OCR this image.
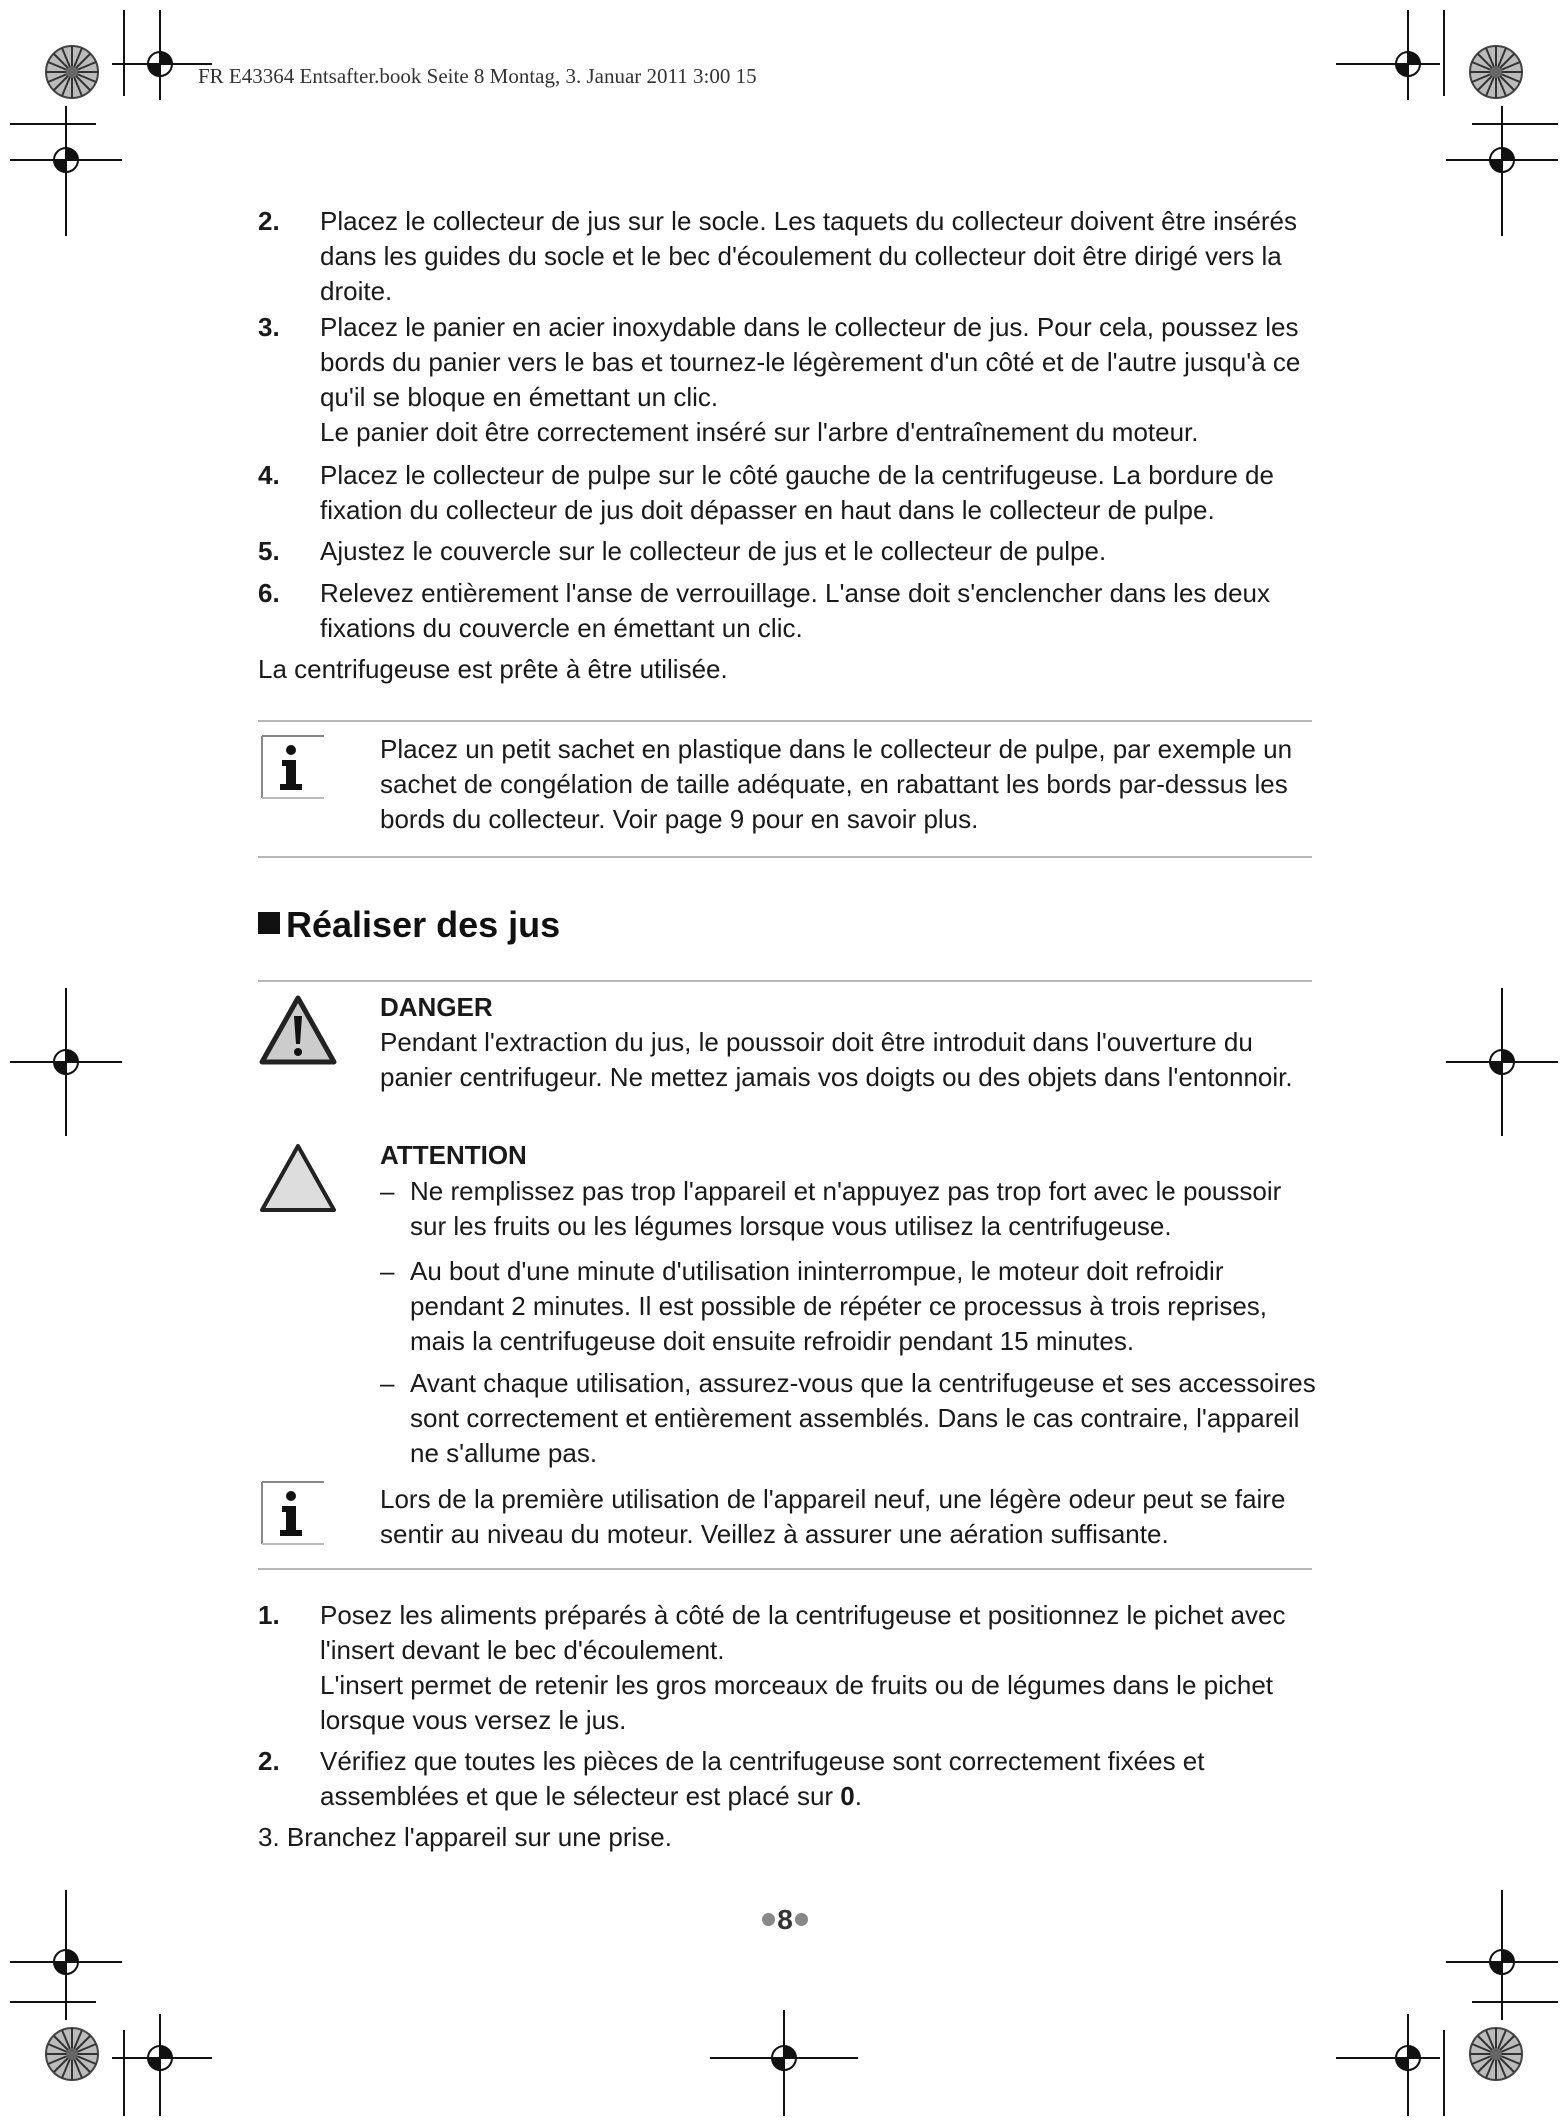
FR E43364 Entsafter.book Seite 8 Montag, 3. Januar 2011 3:00 15
2.	Placez le collecteur de jus sur le socle. Les taquets du collecteur doivent être insérés dans les guides du socle et le bec d'écoulement du collecteur doit être dirigé vers la droite.
3.	Placez le panier en acier inoxydable dans le collecteur de jus. Pour cela, poussez les bords du panier vers le bas et tournez-le légèrement d'un côté et de l'autre jusqu'à ce qu'il se bloque en émettant un clic.
Le panier doit être correctement inséré sur l'arbre d'entraînement du moteur.
4.	Placez le collecteur de pulpe sur le côté gauche de la centrifugeuse. La bordure de fixation du collecteur de jus doit dépasser en haut dans le collecteur de pulpe.
5.	Ajustez le couvercle sur le collecteur de jus et le collecteur de pulpe.
6.	Relevez entièrement l'anse de verrouillage. L'anse doit s'enclencher dans les deux fixations du couvercle en émettant un clic.
La centrifugeuse est prête à être utilisée.
Placez un petit sachet en plastique dans le collecteur de pulpe, par exemple un sachet de congélation de taille adéquate, en rabattant les bords par-dessus les bords du collecteur. Voir page 9 pour en savoir plus.
Réaliser des jus
DANGER
Pendant l'extraction du jus, le poussoir doit être introduit dans l'ouverture du panier centrifugeur. Ne mettez jamais vos doigts ou des objets dans l'entonnoir.
ATTENTION
– Ne remplissez pas trop l'appareil et n'appuyez pas trop fort avec le poussoir sur les fruits ou les légumes lorsque vous utilisez la centrifugeuse.
– Au bout d'une minute d'utilisation ininterrompue, le moteur doit refroidir pendant 2 minutes. Il est possible de répéter ce processus à trois reprises, mais la centrifugeuse doit ensuite refroidir pendant 15 minutes.
– Avant chaque utilisation, assurez-vous que la centrifugeuse et ses accessoires sont correctement et entièrement assemblés. Dans le cas contraire, l'appareil ne s'allume pas.
Lors de la première utilisation de l'appareil neuf, une légère odeur peut se faire sentir au niveau du moteur. Veillez à assurer une aération suffisante.
1.	Posez les aliments préparés à côté de la centrifugeuse et positionnez le pichet avec l'insert devant le bec d'écoulement.
L'insert permet de retenir les gros morceaux de fruits ou de légumes dans le pichet lorsque vous versez le jus.
2.	Vérifiez que toutes les pièces de la centrifugeuse sont correctement fixées et assemblées et que le sélecteur est placé sur 0.
3. Branchez l'appareil sur une prise.
8
